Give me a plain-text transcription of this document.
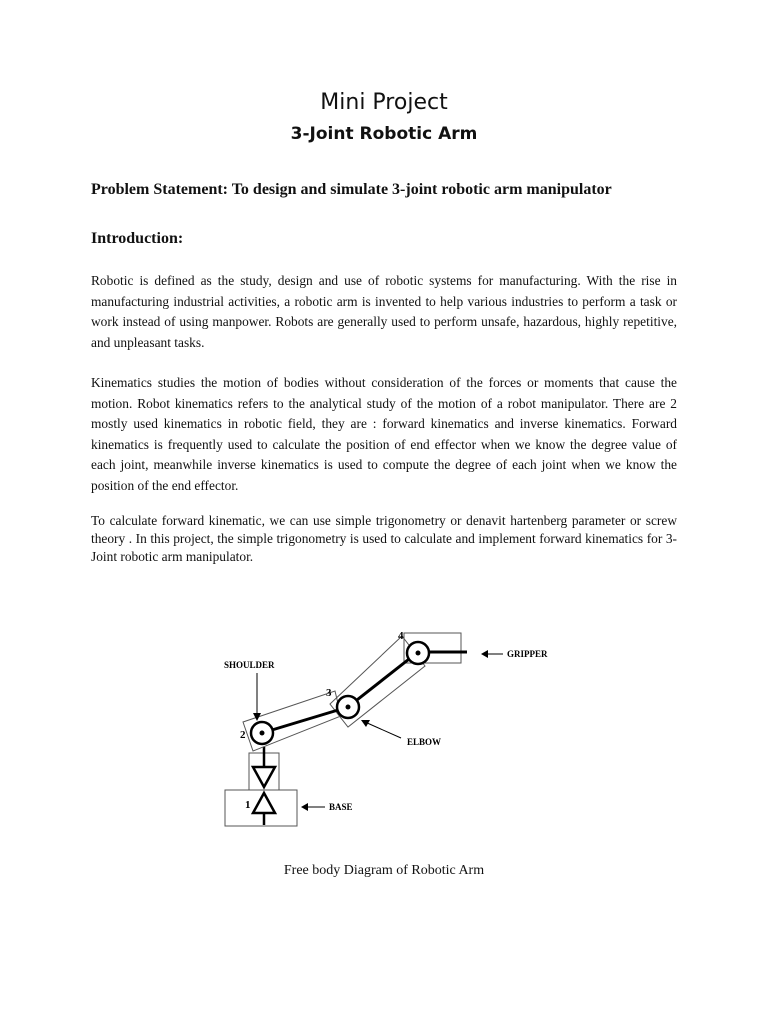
Mini Project
3-Joint Robotic Arm

Problem Statement: To design and simulate 3-joint robotic arm manipulator

Introduction:

Robotic is defined as the study, design and use of robotic systems for manufacturing. With the rise in manufacturing industrial activities, a robotic arm is invented to help various industries to perform a task or work instead of using manpower. Robots are generally used to perform unsafe, hazardous, highly repetitive, and unpleasant tasks.

Kinematics studies the motion of bodies without consideration of the forces or moments that cause the motion. Robot kinematics refers to the analytical study of the motion of a robot manipulator. There are 2 mostly used kinematics in robotic field, they are : forward kinematics and inverse kinematics. Forward kinematics is frequently used to calculate the position of end effector when we know the degree value of each joint, meanwhile inverse kinematics is used to compute the degree of each joint when we know the position of the end effector.

To calculate forward kinematic, we can use simple trigonometry or denavit hartenberg parameter or screw theory . In this project, the simple trigonometry is used to calculate and implement forward kinematics for 3-Joint robotic arm manipulator.

SHOULDER
GRIPPER
ELBOW
BASE
1
2
3
4

Free body Diagram of Robotic Arm
